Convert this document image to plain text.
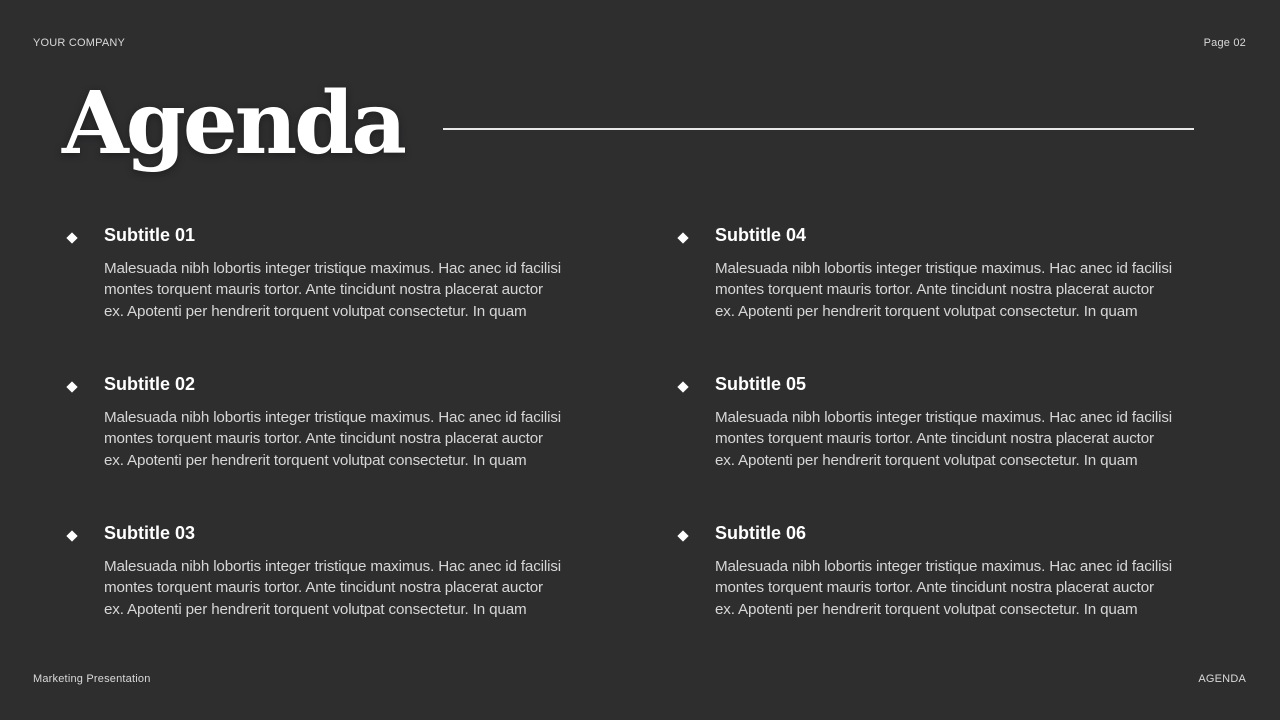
YOUR COMPANY	Page 02
Agenda
Subtitle 01
Malesuada nibh lobortis integer tristique maximus. Hac anec id facilisi
montes torquent mauris tortor. Ante tincidunt nostra placerat auctor
ex. Apotenti per hendrerit torquent volutpat consectetur. In quam
Subtitle 02
Malesuada nibh lobortis integer tristique maximus. Hac anec id facilisi
montes torquent mauris tortor. Ante tincidunt nostra placerat auctor
ex. Apotenti per hendrerit torquent volutpat consectetur. In quam
Subtitle 03
Malesuada nibh lobortis integer tristique maximus. Hac anec id facilisi
montes torquent mauris tortor. Ante tincidunt nostra placerat auctor
ex. Apotenti per hendrerit torquent volutpat consectetur. In quam
Subtitle 04
Malesuada nibh lobortis integer tristique maximus. Hac anec id facilisi
montes torquent mauris tortor. Ante tincidunt nostra placerat auctor
ex. Apotenti per hendrerit torquent volutpat consectetur. In quam
Subtitle 05
Malesuada nibh lobortis integer tristique maximus. Hac anec id facilisi
montes torquent mauris tortor. Ante tincidunt nostra placerat auctor
ex. Apotenti per hendrerit torquent volutpat consectetur. In quam
Subtitle 06
Malesuada nibh lobortis integer tristique maximus. Hac anec id facilisi
montes torquent mauris tortor. Ante tincidunt nostra placerat auctor
ex. Apotenti per hendrerit torquent volutpat consectetur. In quam
Marketing Presentation	AGENDA
